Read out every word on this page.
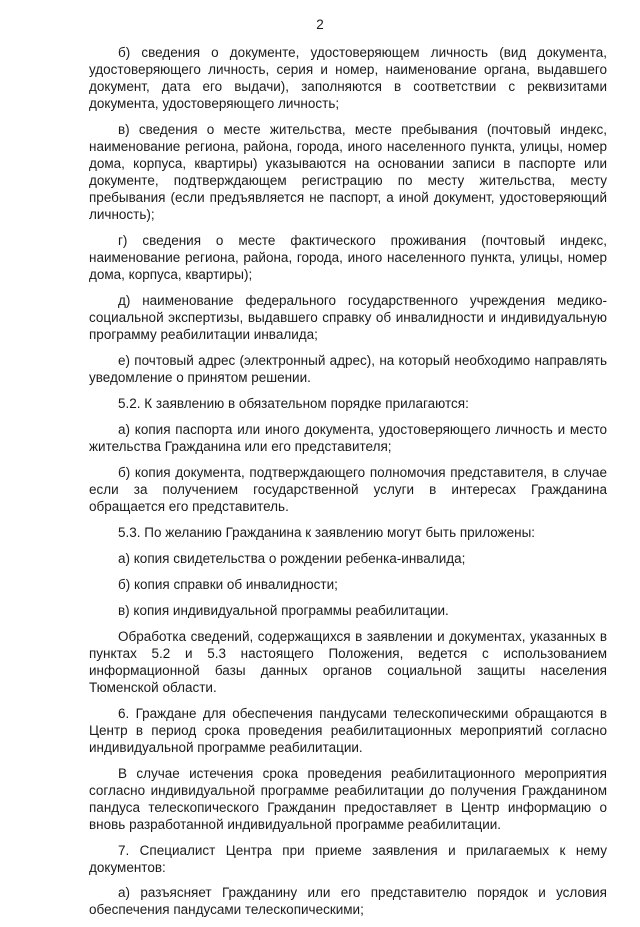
2

б) сведения о документе, удостоверяющем личность (вид документа, удостоверяющего личность, серия и номер, наименование органа, выдавшего документ, дата его выдачи), заполняются в соответствии с реквизитами документа, удостоверяющего личность;

в) сведения о месте жительства, месте пребывания (почтовый индекс, наименование региона, района, города, иного населенного пункта, улицы, номер дома, корпуса, квартиры) указываются на основании записи в паспорте или документе, подтверждающем регистрацию по месту жительства, месту пребывания (если предъявляется не паспорт, а иной документ, удостоверяющий личность);

г) сведения о месте фактического проживания (почтовый индекс, наименование региона, района, города, иного населенного пункта, улицы, номер дома, корпуса, квартиры);

д) наименование федерального государственного учреждения медико-социальной экспертизы, выдавшего справку об инвалидности и индивидуальную программу реабилитации инвалида;

е) почтовый адрес (электронный адрес), на который необходимо направлять уведомление о принятом решении.

5.2. К заявлению в обязательном порядке прилагаются:

а) копия паспорта или иного документа, удостоверяющего личность и место жительства Гражданина или его представителя;

б) копия документа, подтверждающего полномочия представителя, в случае если за получением государственной услуги в интересах Гражданина обращается его представитель.

5.3. По желанию Гражданина к заявлению могут быть приложены:

а) копия свидетельства о рождении ребенка-инвалида;

б) копия справки об инвалидности;

в) копия индивидуальной программы реабилитации.

Обработка сведений, содержащихся в заявлении и документах, указанных в пунктах 5.2 и 5.3 настоящего Положения, ведется с использованием информационной базы данных органов социальной защиты населения Тюменской области.

6. Граждане для обеспечения пандусами телескопическими обращаются в Центр в период срока проведения реабилитационных мероприятий согласно индивидуальной программе реабилитации.

В случае истечения срока проведения реабилитационного мероприятия согласно индивидуальной программе реабилитации до получения Гражданином пандуса телескопического Гражданин предоставляет в Центр информацию о вновь разработанной индивидуальной программе реабилитации.

7. Специалист Центра при приеме заявления и прилагаемых к нему документов:

а) разъясняет Гражданину или его представителю порядок и условия обеспечения пандусами телескопическими;
